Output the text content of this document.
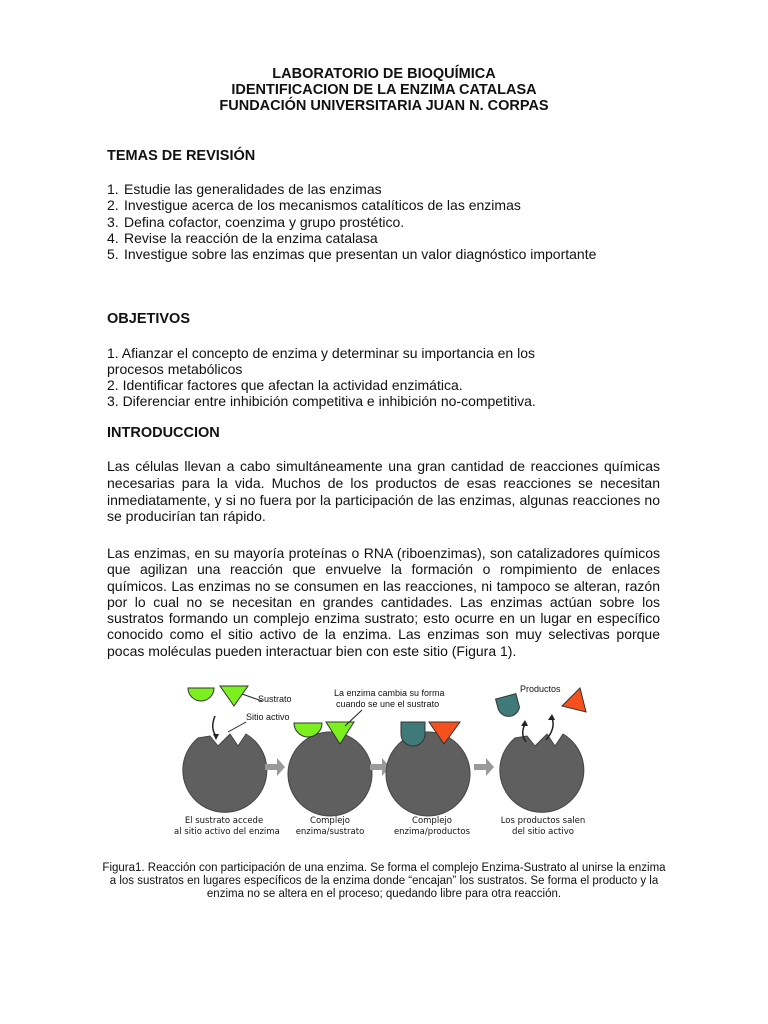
LABORATORIO DE BIOQUÍMICA
IDENTIFICACION DE LA ENZIMA CATALASA
FUNDACIÓN UNIVERSITARIA JUAN N. CORPAS
TEMAS DE REVISIÓN
1. Estudie las generalidades de las enzimas
2. Investigue acerca de los mecanismos catalíticos de las enzimas
3. Defina cofactor, coenzima y grupo prostético.
4. Revise la reacción de la enzima catalasa
5. Investigue sobre las enzimas que presentan un valor diagnóstico importante
OBJETIVOS

1. Afianzar el concepto de enzima y determinar su importancia en los procesos metabólicos

2. Identificar factores que afectan la actividad enzimática.

3. Diferenciar entre inhibición competitiva e inhibición no-competitiva.

INTRODUCCION

Las células llevan a cabo simultáneamente una gran cantidad de reacciones químicas necesarias para la vida. Muchos de los productos de esas reacciones se necesitan inmediatamente, y si no fuera por la participación de las enzimas, algunas reacciones no se producirían tan rápido.

Las enzimas, en su mayoría proteínas o RNA (riboenzimas), son catalizadores químicos que agilizan una reacción que envuelve la formación o rompimiento de enlaces químicos. Las enzimas no se consumen en las reacciones, ni tampoco se alteran, razón por lo cual no se necesitan en grandes cantidades. Las enzimas actúan sobre los sustratos formando un complejo enzima sustrato; esto ocurre en un lugar en específico conocido como el sitio activo de la enzima. Las enzimas son muy selectivas porque pocas moléculas pueden interactuar bien con este sitio (Figura 1).

Sustrato
Sitio activo
La enzima cambia su forma
cuando se une el sustrato
Productos
El sustrato accede
al sitio activo del enzima
Complejo
enzima/sustrato
Complejo
enzima/productos
Los productos salen
del sitio activo
Figura1. Reacción con participación de una enzima. Se forma el complejo Enzima-Sustrato al unirse la enzima
a los sustratos en lugares específicos de la enzima donde “encajan” los sustratos. Se forma el producto y la
enzima no se altera en el proceso; quedando libre para otra reacción.
